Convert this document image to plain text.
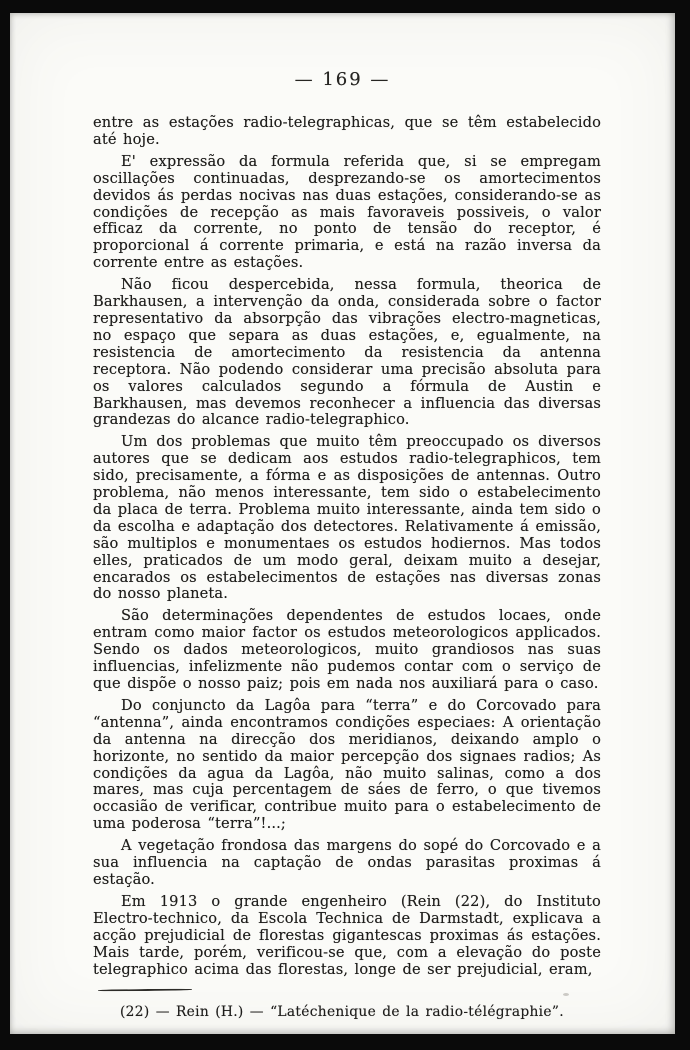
— 169 —

entre as estações radio-telegraphicas, que se têm estabelecido até hoje.

E' expressão da formula referida que, si se empregam oscillações continuadas, desprezando-se os amortecimentos devidos ás perdas nocivas nas duas estações, considerando-se as condições de recepção as mais favoraveis possiveis, o valor efficaz da corrente, no ponto de tensão do receptor, é proporcional á corrente primaria, e está na razão inversa da corrente entre as estações.

Não ficou despercebida, nessa formula, theorica de Barkhausen, a intervenção da onda, considerada sobre o factor representativo da absorpção das vibrações electro-magneticas, no espaço que separa as duas estações, e, egualmente, na resistencia de amortecimento da resistencia da antenna receptora. Não podendo considerar uma precisão absoluta para os valores calculados segundo a fórmula de Austin e Barkhausen, mas devemos reconhecer a influencia das diversas grandezas do alcance radio-telegraphico.

Um dos problemas que muito têm preoccupado os diversos autores que se dedicam aos estudos radio-telegraphicos, tem sido, precisamente, a fórma e as disposições de antennas. Outro problema, não menos interessante, tem sido o estabelecimento da placa de terra. Problema muito interessante, ainda tem sido o da escolha e adaptação dos detectores. Relativamente á emissão, são multiplos e monumentaes os estudos hodiernos. Mas todos elles, praticados de um modo geral, deixam muito a desejar, encarados os estabelecimentos de estações nas diversas zonas do nosso planeta.

São determinações dependentes de estudos locaes, onde entram como maior factor os estudos meteorologicos applicados. Sendo os dados meteorologicos, muito grandiosos nas suas influencias, infelizmente não pudemos contar com o serviço de que dispõe o nosso paiz; pois em nada nos auxiliará para o caso.

Do conjuncto da Lagôa para “terra” e do Corcovado para “antenna”, ainda encontramos condições especiaes: A orientação da antenna na direcção dos meridianos, deixando amplo o horizonte, no sentido da maior percepção dos signaes radios; As condições da agua da Lagôa, não muito salinas, como a dos mares, mas cuja percentagem de sáes de ferro, o que tivemos occasião de verificar, contribue muito para o estabelecimento de uma poderosa “terra”!...;

A vegetação frondosa das margens do sopé do Corcovado e a sua influencia na captação de ondas parasitas proximas á estação.

Em 1913 o grande engenheiro (Rein (22), do Instituto Electro-technico, da Escola Technica de Darmstadt, explicava a acção prejudicial de florestas gigantescas proximas ás estações. Mais tarde, porém, verificou-se que, com a elevação do poste telegraphico acima das florestas, longe de ser prejudicial, eram,

(22) — Rein (H.) — “Latéchenique de la radio-télégraphie”.
